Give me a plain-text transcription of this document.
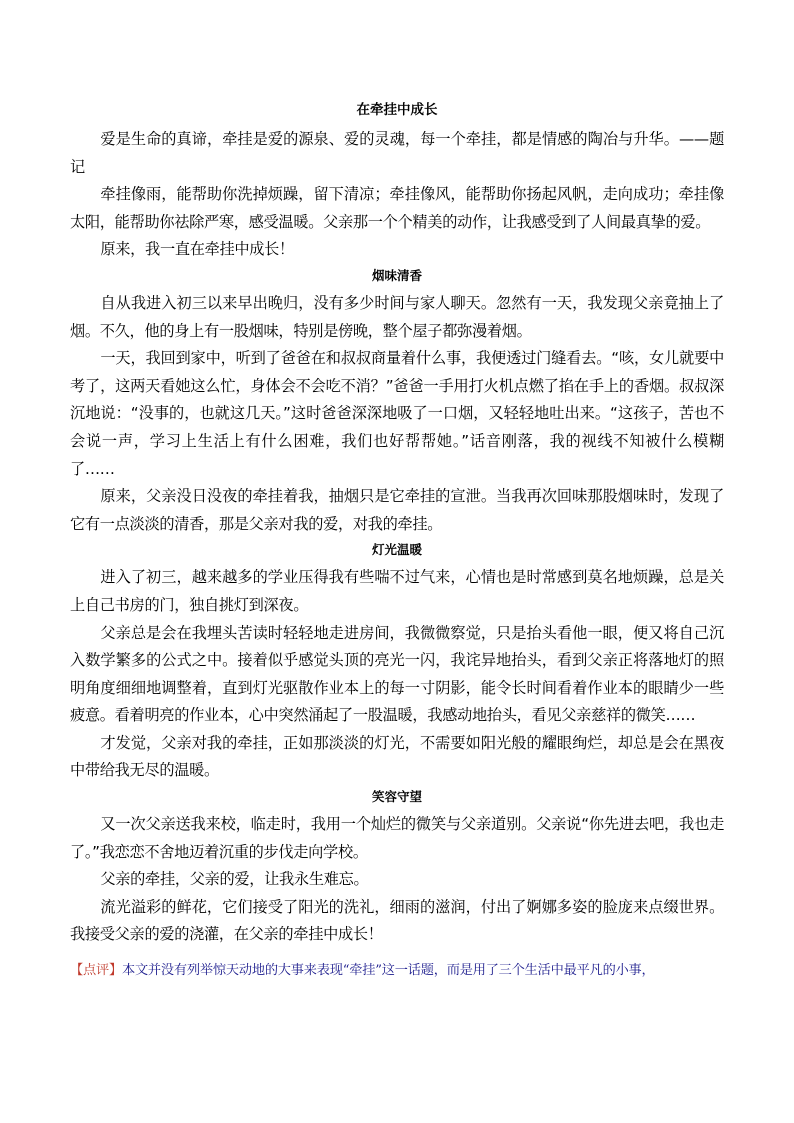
在牵挂中成长

爱是生命的真谛，牵挂是爱的源泉、爱的灵魂，每一个牵挂，都是情感的陶冶与升华。——题记

牵挂像雨，能帮助你洗掉烦躁，留下清凉；牵挂像风，能帮助你扬起风帆，走向成功；牵挂像太阳，能帮助你祛除严寒，感受温暖。父亲那一个个精美的动作，让我感受到了人间最真挚的爱。

原来，我一直在牵挂中成长！

烟味清香

自从我进入初三以来早出晚归，没有多少时间与家人聊天。忽然有一天，我发现父亲竟抽上了烟。不久，他的身上有一股烟味，特别是傍晚，整个屋子都弥漫着烟。

一天，我回到家中，听到了爸爸在和叔叔商量着什么事，我便透过门缝看去。“咳，女儿就要中考了，这两天看她这么忙，身体会不会吃不消？”爸爸一手用打火机点燃了掐在手上的香烟。叔叔深沉地说：“没事的，也就这几天。”这时爸爸深深地吸了一口烟，又轻轻地吐出来。“这孩子，苦也不会说一声，学习上生活上有什么困难，我们也好帮帮她。”话音刚落，我的视线不知被什么模糊了……

原来，父亲没日没夜的牵挂着我，抽烟只是它牵挂的宣泄。当我再次回味那股烟味时，发现了它有一点淡淡的清香，那是父亲对我的爱，对我的牵挂。

灯光温暖

进入了初三，越来越多的学业压得我有些喘不过气来，心情也是时常感到莫名地烦躁，总是关上自己书房的门，独自挑灯到深夜。

父亲总是会在我埋头苦读时轻轻地走进房间，我微微察觉，只是抬头看他一眼，便又将自己沉入数学繁多的公式之中。接着似乎感觉头顶的亮光一闪，我诧异地抬头，看到父亲正将落地灯的照明角度细细地调整着，直到灯光驱散作业本上的每一寸阴影，能令长时间看着作业本的眼睛少一些疲意。看着明亮的作业本，心中突然涌起了一股温暖，我感动地抬头，看见父亲慈祥的微笑……

才发觉，父亲对我的牵挂，正如那淡淡的灯光，不需要如阳光般的耀眼绚烂，却总是会在黑夜中带给我无尽的温暖。

笑容守望

又一次父亲送我来校，临走时，我用一个灿烂的微笑与父亲道别。父亲说“你先进去吧，我也走了。”我恋恋不舍地迈着沉重的步伐走向学校。

父亲的牵挂，父亲的爱，让我永生难忘。

流光溢彩的鲜花，它们接受了阳光的洗礼，细雨的滋润，付出了婀娜多姿的脸庞来点缀世界。我接受父亲的爱的浇灌，在父亲的牵挂中成长！

【点评】本文并没有列举惊天动地的大事来表现“牵挂”这一话题，而是用了三个生活中最平凡的小事，
